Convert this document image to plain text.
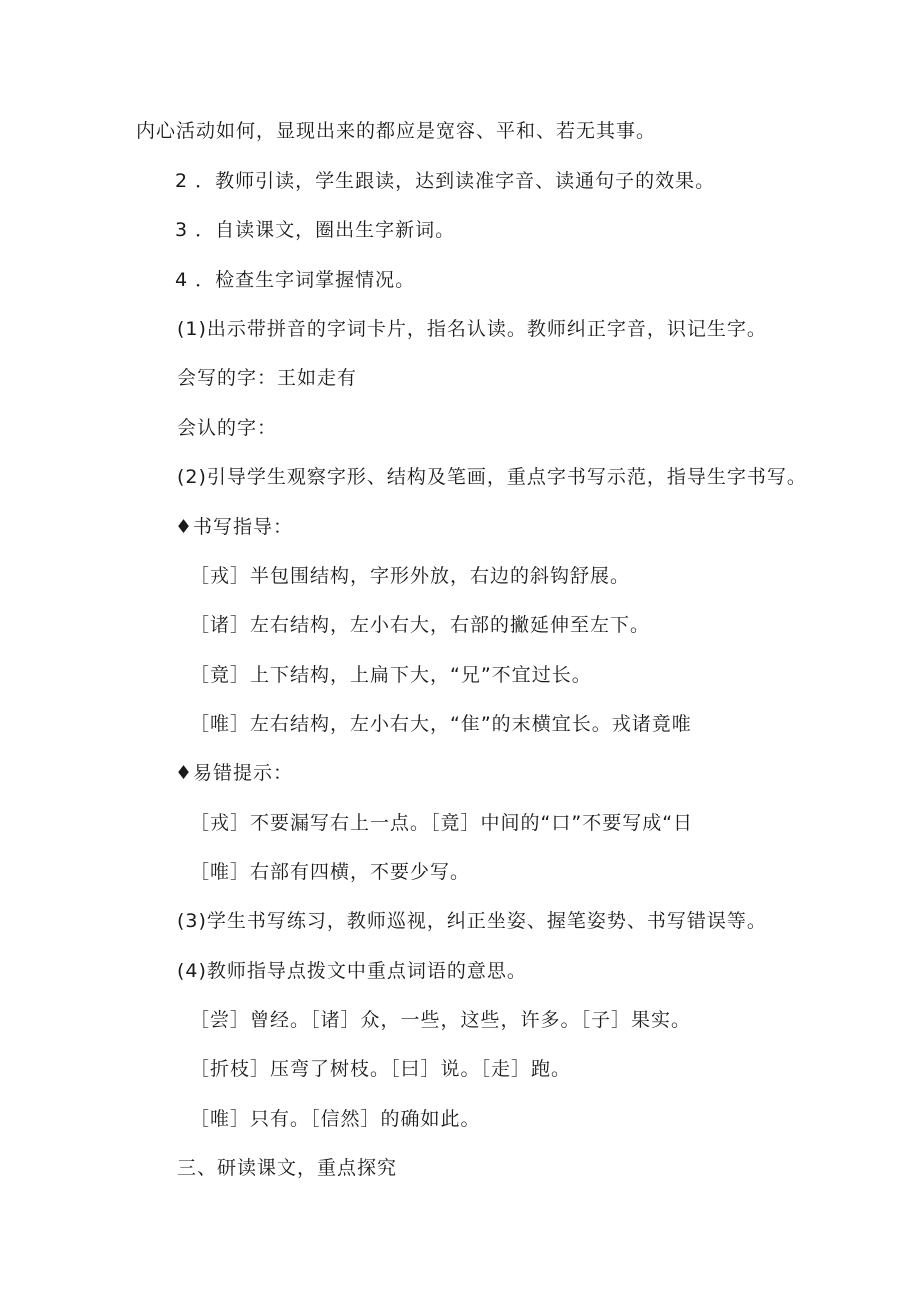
内心活动如何，显现出来的都应是宽容、平和、若无其事。
2 ．教师引读，学生跟读，达到读准字音、读通句子的效果。
3 ．自读课文，圈出生字新词。
4 ．检查生字词掌握情况。
(1)出示带拼音的字词卡片，指名认读。教师纠正字音，识记生字。
会写的字：王如走有
会认的字：
(2)引导学生观察字形、结构及笔画，重点字书写示范，指导生字书写。
♦书写指导：
［戎］半包围结构，字形外放，右边的斜钩舒展。
［诸］左右结构，左小右大，右部的撇延伸至左下。
［竟］上下结构，上扁下大，“兄”不宜过长。
［唯］左右结构，左小右大，“隹”的末横宜长。戎诸竟唯
♦易错提示：
［戎］不要漏写右上一点。［竟］中间的“口”不要写成“日
［唯］右部有四横，不要少写。
(3)学生书写练习，教师巡视，纠正坐姿、握笔姿势、书写错误等。
(4)教师指导点拨文中重点词语的意思。
［尝］曾经。［诸］众，一些，这些，许多。［子］果实。
［折枝］压弯了树枝。［曰］说。［走］跑。
［唯］只有。［信然］的确如此。
三、研读课文，重点探究
